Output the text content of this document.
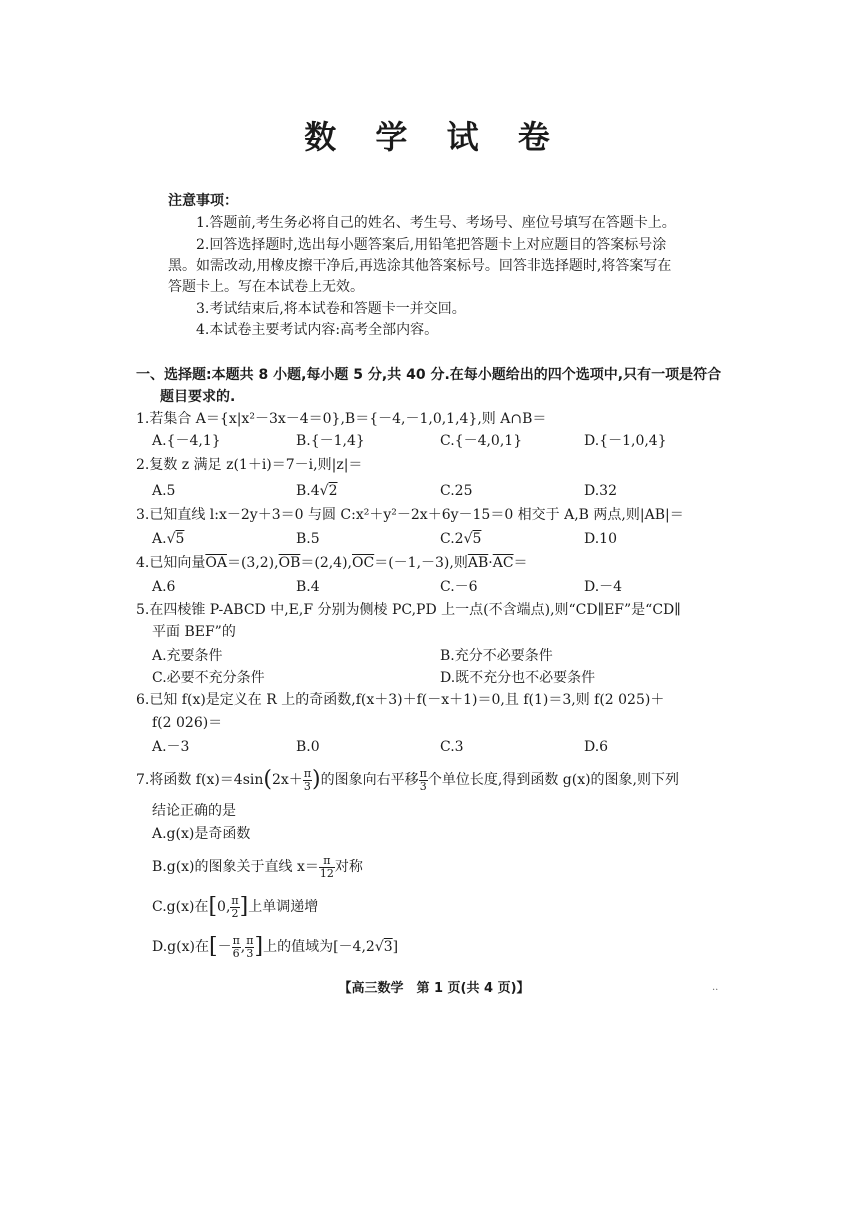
数 学 试 卷
注意事项：
1.答题前,考生务必将自己的姓名、考生号、考场号、座位号填写在答题卡上。
2.回答选择题时,选出每小题答案后,用铅笔把答题卡上对应题目的答案标号涂
黑。如需改动,用橡皮擦干净后,再选涂其他答案标号。回答非选择题时,将答案写在
答题卡上。写在本试卷上无效。
3.考试结束后,将本试卷和答题卡一并交回。
4.本试卷主要考试内容:高考全部内容。
一、选择题:本题共 8 小题,每小题 5 分,共 40 分.在每小题给出的四个选项中,只有一项是符合
题目要求的.
1.若集合 A＝{x|x²－3x－4＝0},B＝{－4,－1,0,1,4},则 A∩B＝
A.{－4,1}	B.{－1,4}	C.{－4,0,1}	D.{－1,0,4}
2.复数 z 满足 z(1＋i)＝7－i,则|z|＝
A.5	B.4√2	C.25	D.32
3.已知直线 l:x－2y＋3＝0 与圆 C:x²＋y²－2x＋6y－15＝0 相交于 A,B 两点,则|AB|＝
A.√5	B.5	C.2√5	D.10
4.已知向量$\overline{OA}=(3,2),\overline{OB}=(2,4),\overline{OC}=(-1,-3)$,则$\overline{AB}\cdot\overline{AC}=$
A.6	B.4	C.－6	D.－4
5.在四棱锥 P-ABCD 中,E,F 分别为侧棱 PC,PD 上一点(不含端点),则“CD∥EF”是“CD∥
平面 BEF”的
A.充要条件	B.充分不必要条件
C.必要不充分条件	D.既不充分也不必要条件
6.已知 f(x)是定义在 R 上的奇函数,f(x＋3)＋f(－x＋1)＝0,且 f(1)＝3,则 f(2 025)＋
f(2 026)＝
A.－3	B.0	C.3	D.6
7.将函数 $f(x)=4\sin(2x+ \frac{\pi}{3}$ )的图象向右平移 $\frac{\pi}{3}$ 个单位长度,得到函数 g(x)的图象,则下列
结论正确的是
A.g(x)是奇函数
B.g(x)的图象关于直线 $x= \frac{\pi}{12}$ 对称
C.g(x)在[0, $\frac{\pi}{2}$ ]上单调递增
D.g(x)在[－ $\frac{\pi}{6}$ , $\frac{\pi}{3}$ ]上的值域为[－4,2√3]
【高三数学　第 1 页(共 4 页)】	..
